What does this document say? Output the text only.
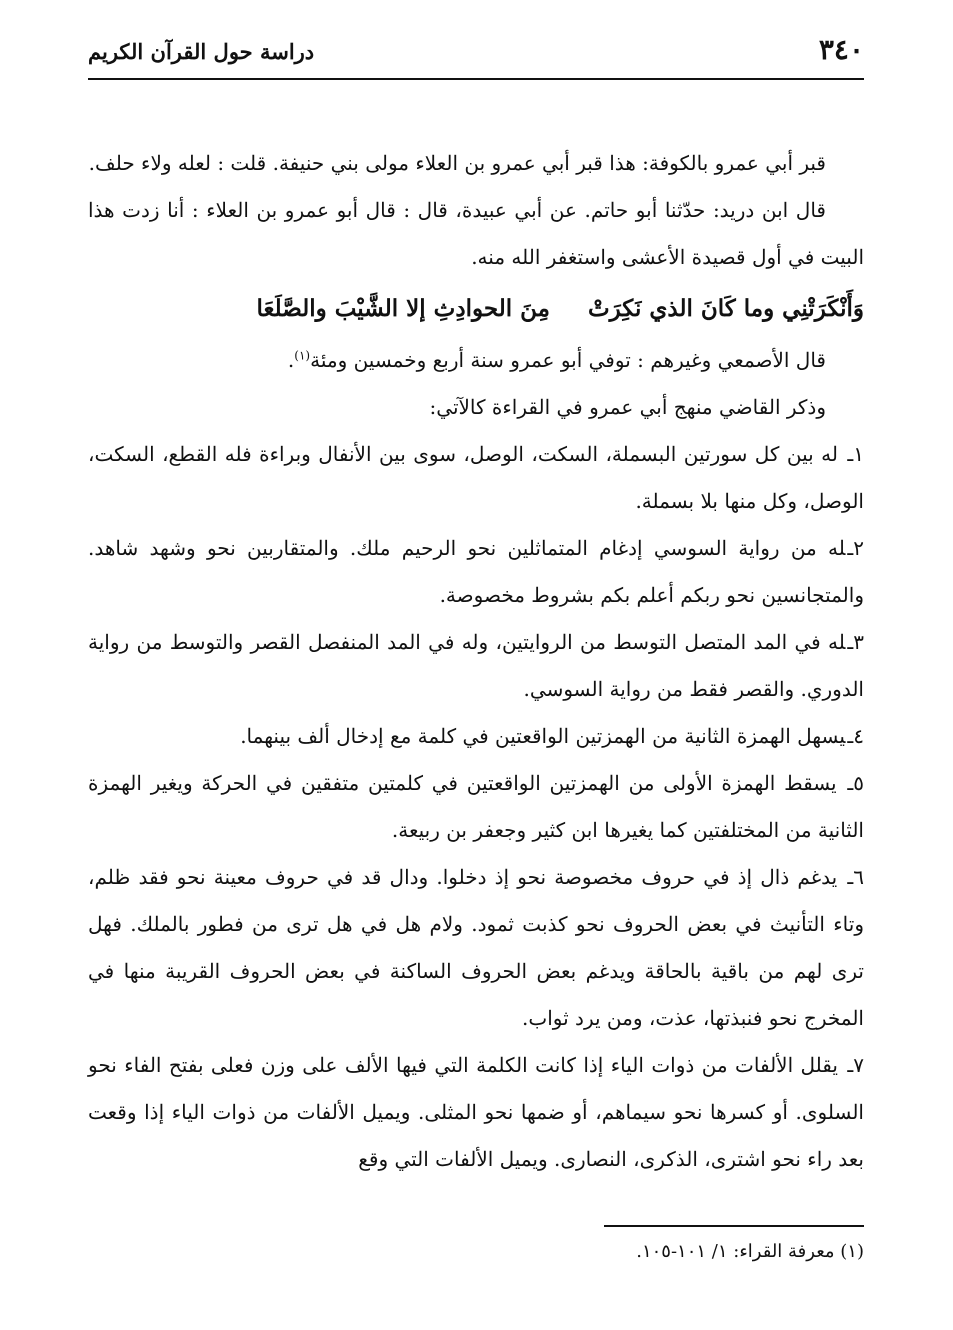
٣٤٠
دراسة حول القرآن الكريم

قبر أبي عمرو بالكوفة: هذا قبر أبي عمرو بن العلاء مولى بني حنيفة. قلت : لعله ولاء حلف.

قال ابن دريد: حدّثنا أبو حاتم. عن أبي عبيدة، قال : قال أبو عمرو بن العلاء : أنا زدت هذا البيت في أول قصيدة الأعشى واستغفر الله منه.

وَأَنْكَرَتْنِي وما كَانَ الذي نَكِرَتْ مِنَ الحوادِثِ إلا الشَّيْبَ والصَّلَعَا

قال الأصمعي وغيرهم : توفي أبو عمرو سنة أربع وخمسين ومئة$^{(١)}$.

وذكر القاضي منهج أبي عمرو في القراءة كالآتي:

١ـ له بين كل سورتين البسملة، السكت، الوصل، سوى بين الأنفال وبراءة فله القطع، السكت، الوصل، وكل منها بلا بسملة.

٢ـله من رواية السوسي إدغام المتماثلين نحو الرحيم ملك. والمتقاربين نحو وشهد شاهد. والمتجانسين نحو ربكم أعلم بكم بشروط مخصوصة.

٣ـله في المد المتصل التوسط من الروايتين، وله في المد المنفصل القصر والتوسط من رواية الدوري. والقصر فقط من رواية السوسي.

٤ـيسهل الهمزة الثانية من الهمزتين الواقعتين في كلمة مع إدخال ألف بينهما.

٥ـ يسقط الهمزة الأولى من الهمزتين الواقعتين في كلمتين متفقين في الحركة ويغير الهمزة الثانية من المختلفتين كما يغيرها ابن كثير وجعفر بن ربيعة.

٦ـ يدغم ذال إذ في حروف مخصوصة نحو إذ دخلوا. ودال قد في حروف معينة نحو فقد ظلم، وتاء التأنيث في بعض الحروف نحو كذبت ثمود. ولام هل في هل ترى من فطور بالملك. فهل ترى لهم من باقية بالحاقة ويدغم بعض الحروف الساكنة في بعض الحروف القريبة منها في المخرج نحو فنبذتها، عذت، ومن يرد ثواب.

٧ـ يقلل الألفات من ذوات الياء إذا كانت الكلمة التي فيها الألف على وزن فعلى بفتح الفاء نحو السلوى. أو كسرها نحو سيماهم، أو ضمها نحو المثلى. ويميل الألفات من ذوات الياء إذا وقعت بعد راء نحو اشترى، الذكرى، النصارى. ويميل الألفات التي وقع

(١) معرفة القراء: ١/ ١٠١-١٠٥.
